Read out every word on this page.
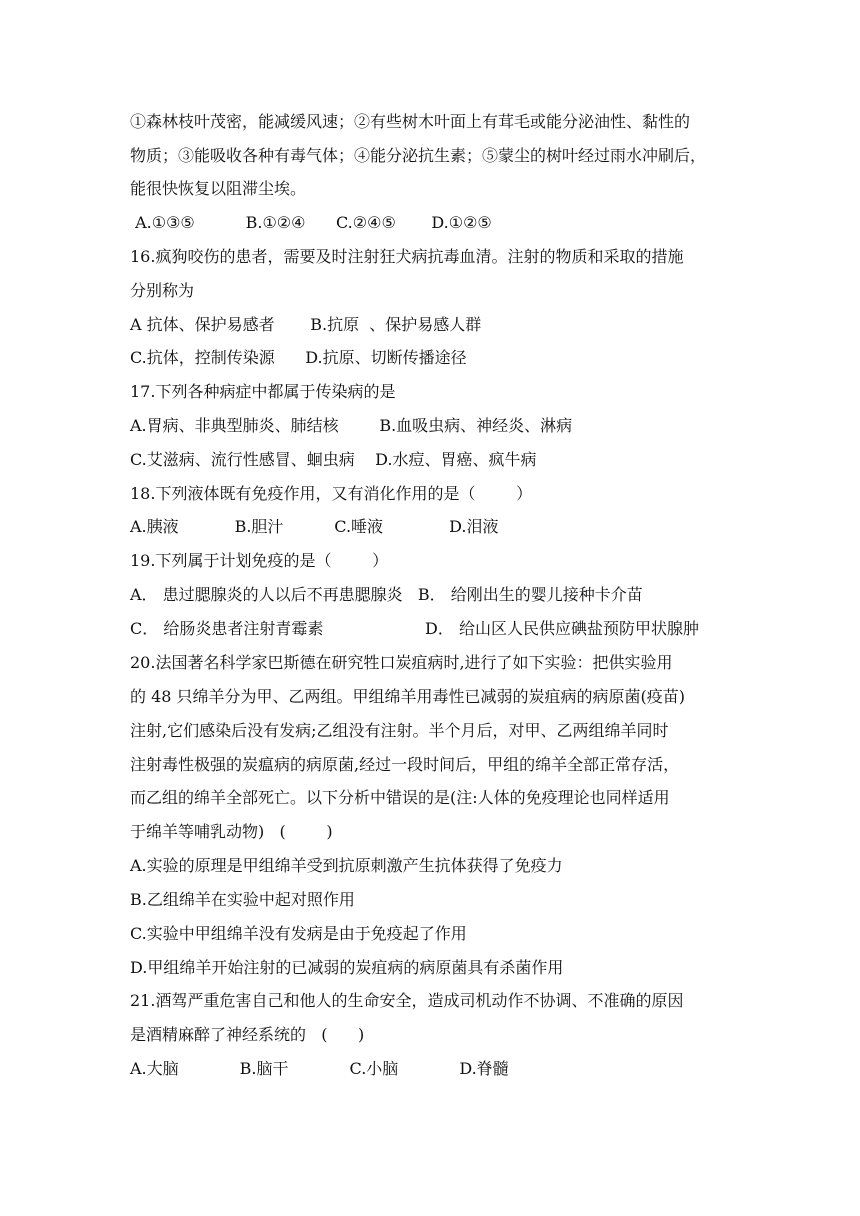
①森林枝叶茂密，能减缓风速；②有些树木叶面上有茸毛或能分泌油性、黏性的
物质；③能吸收各种有毒气体；④能分泌抗生素；⑤蒙尘的树叶经过雨水冲刷后，
能很快恢复以阻滞尘埃。
A.①③⑤          B.①②④      C.②④⑤       D.①②⑤
16.疯狗咬伤的患者，需要及时注射狂犬病抗毒血清。注射的物质和采取的措施
分别称为
A 抗体、保护易感者       B.抗原  、保护易感人群
C.抗体，控制传染源      D.抗原、切断传播途径
17.下列各种病症中都属于传染病的是
A.胃病、非典型肺炎、肺结核        B.血吸虫病、神经炎、淋病
C.艾滋病、流行性感冒、蛔虫病    D.水痘、胃癌、疯牛病
18.下列液体既有免疫作用，又有消化作用的是（        ）
A.胰液           B.胆汁          C.唾液             D.泪液
19.下列属于计划免疫的是（        ）
A． 患过腮腺炎的人以后不再患腮腺炎   B． 给刚出生的婴儿接种卡介苗
C． 给肠炎患者注射青霉素                    D． 给山区人民供应碘盐预防甲状腺肿
20.法国著名科学家巴斯德在研究牲口炭疽病时,进行了如下实验：把供实验用
的 48 只绵羊分为甲、乙两组。甲组绵羊用毒性已减弱的炭疽病的病原菌(疫苗)
注射,它们感染后没有发病;乙组没有注射。半个月后，对甲、乙两组绵羊同时
注射毒性极强的炭瘟病的病原菌,经过一段时间后，甲组的绵羊全部正常存活，
而乙组的绵羊全部死亡。以下分析中错误的是(注:人体的免疫理论也同样适用
于绵羊等哺乳动物)   (        )
A.实验的原理是甲组绵羊受到抗原刺激产生抗体获得了免疫力
B.乙组绵羊在实验中起对照作用
C.实验中甲组绵羊没有发病是由于免疫起了作用
D.甲组绵羊开始注射的已减弱的炭疽病的病原菌具有杀菌作用
21.酒驾严重危害自己和他人的生命安全，造成司机动作不协调、不准确的原因
是酒精麻醉了神经系统的   (      )
A.大脑            B.脑干            C.小脑            D.脊髓
